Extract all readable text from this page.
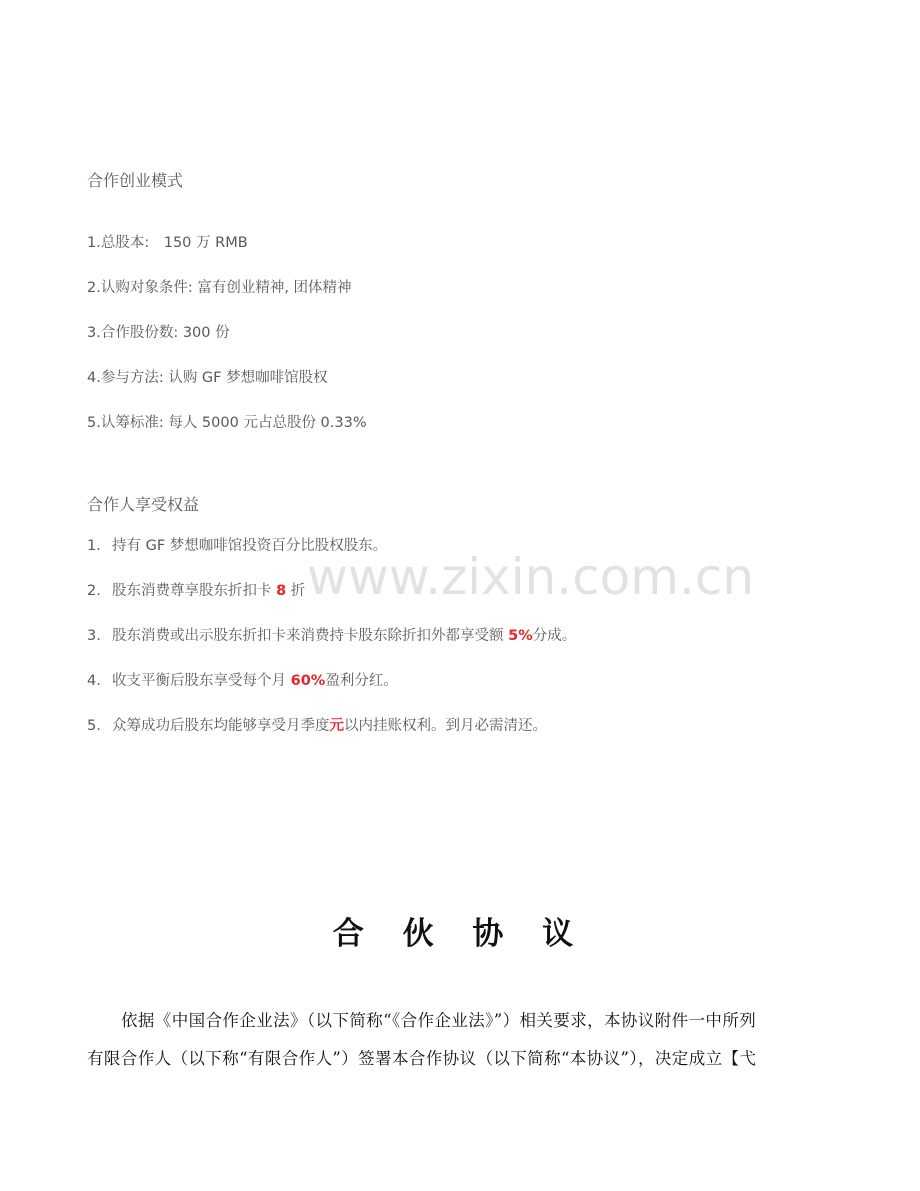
合作创业模式
1.总股本:　150 万 RMB
2.认购对象条件: 富有创业精神, 团体精神
3.合作股份数: 300 份
4.参与方法: 认购 GF 梦想咖啡馆股权
5.认筹标准: 每人 5000 元占总股份 0.33%
合作人享受权益
1. 持有 GF 梦想咖啡馆投资百分比股权股东。
2. 股东消费尊享股东折扣卡 8 折
3. 股东消费或出示股东折扣卡来消费持卡股东除折扣外都享受额 5%分成。
4. 收支平衡后股东享受每个月 60%盈利分红。
5. 众筹成功后股东均能够享受月季度元以内挂账权利。到月必需清还。
www.zixin.com.cn
合 伙 协 议
依据《中国合作企业法》（以下简称“《合作企业法》”）相关要求，本协议附件一中所列
有限合作人（以下称“有限合作人”）签署本合作协议（以下简称“本协议”），决定成立【弋
